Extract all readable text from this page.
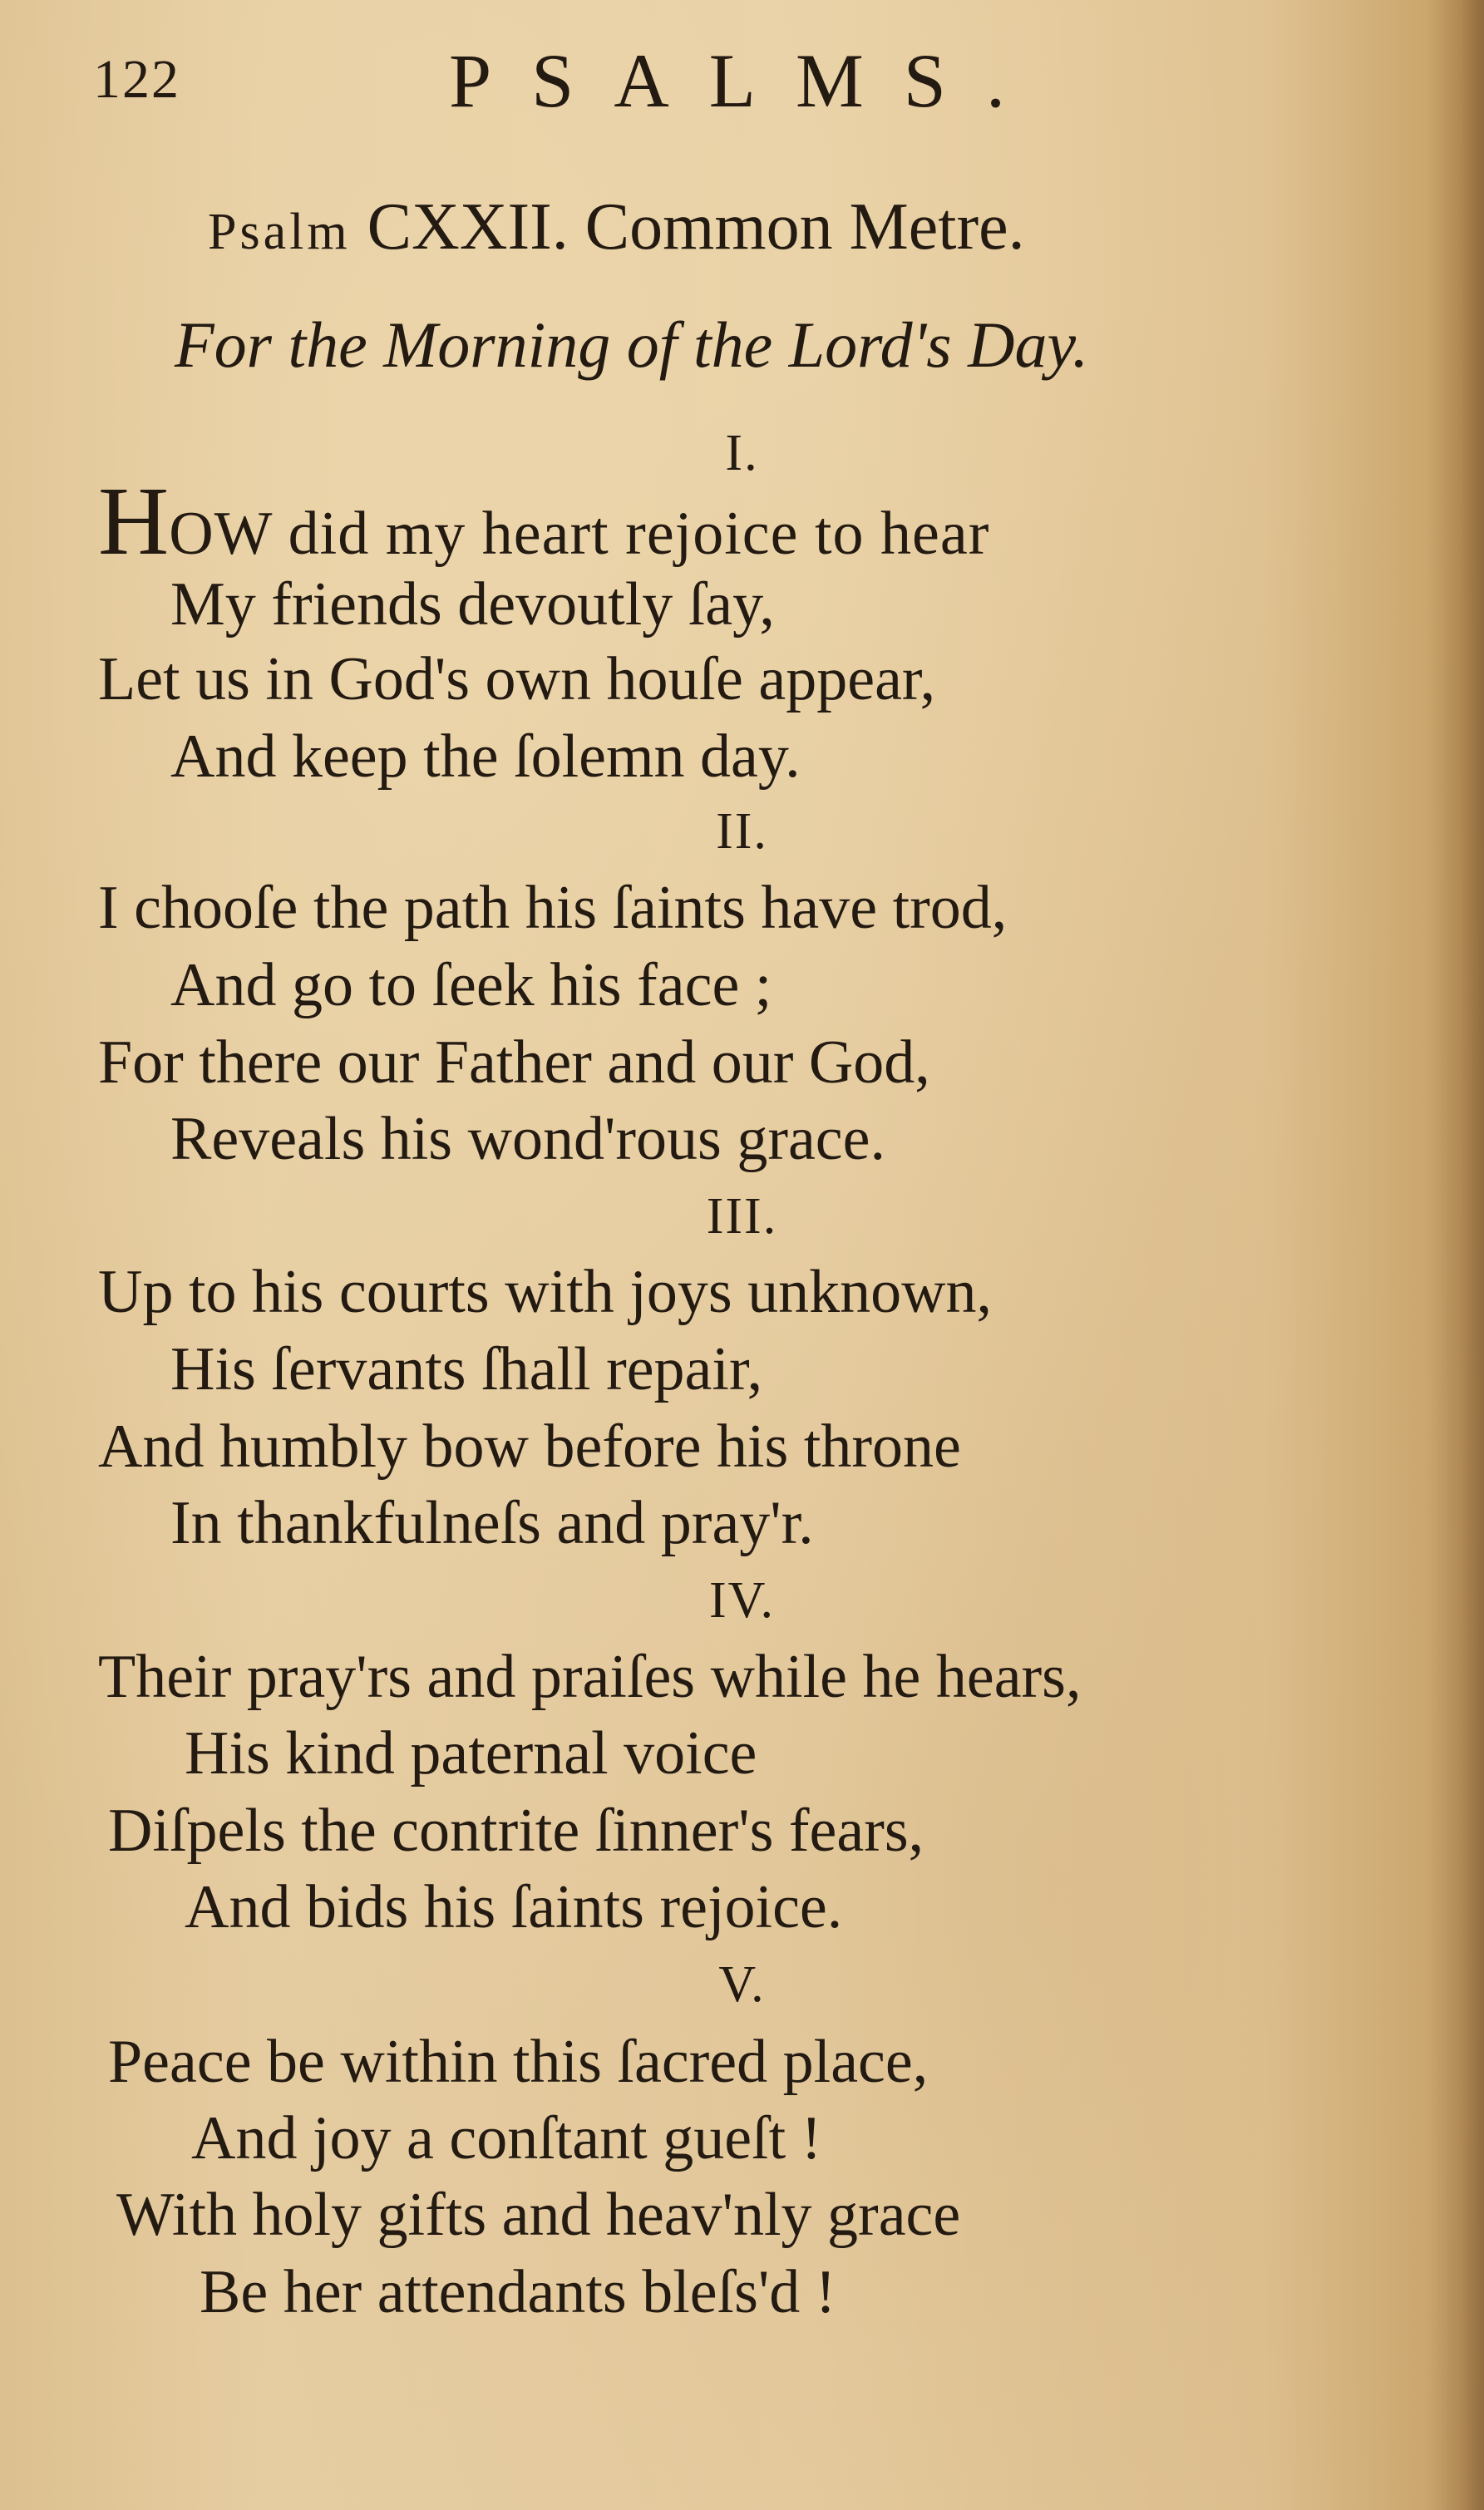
122	PSALMS.
Psalm CXXII. Common Metre.
For the Morning of the Lord's Day.
I.
HOW did my heart rejoice to hear
My friends devoutly ſay,
Let us in God's own houſe appear,
And keep the ſolemn day.
II.
I chooſe the path his ſaints have trod,
And go to ſeek his face ;
For there our Father and our God,
Reveals his wond'rous grace.
III.
Up to his courts with joys unknown,
His ſervants ſhall repair,
And humbly bow before his throne
In thankfulneſs and pray'r.
IV.
Their pray'rs and praiſes while he hears,
His kind paternal voice
Diſpels the contrite ſinner's fears,
And bids his ſaints rejoice.
V.
Peace be within this ſacred place,
And joy a conſtant gueſt !
With holy gifts and heav'nly grace
Be her attendants bleſs'd !
